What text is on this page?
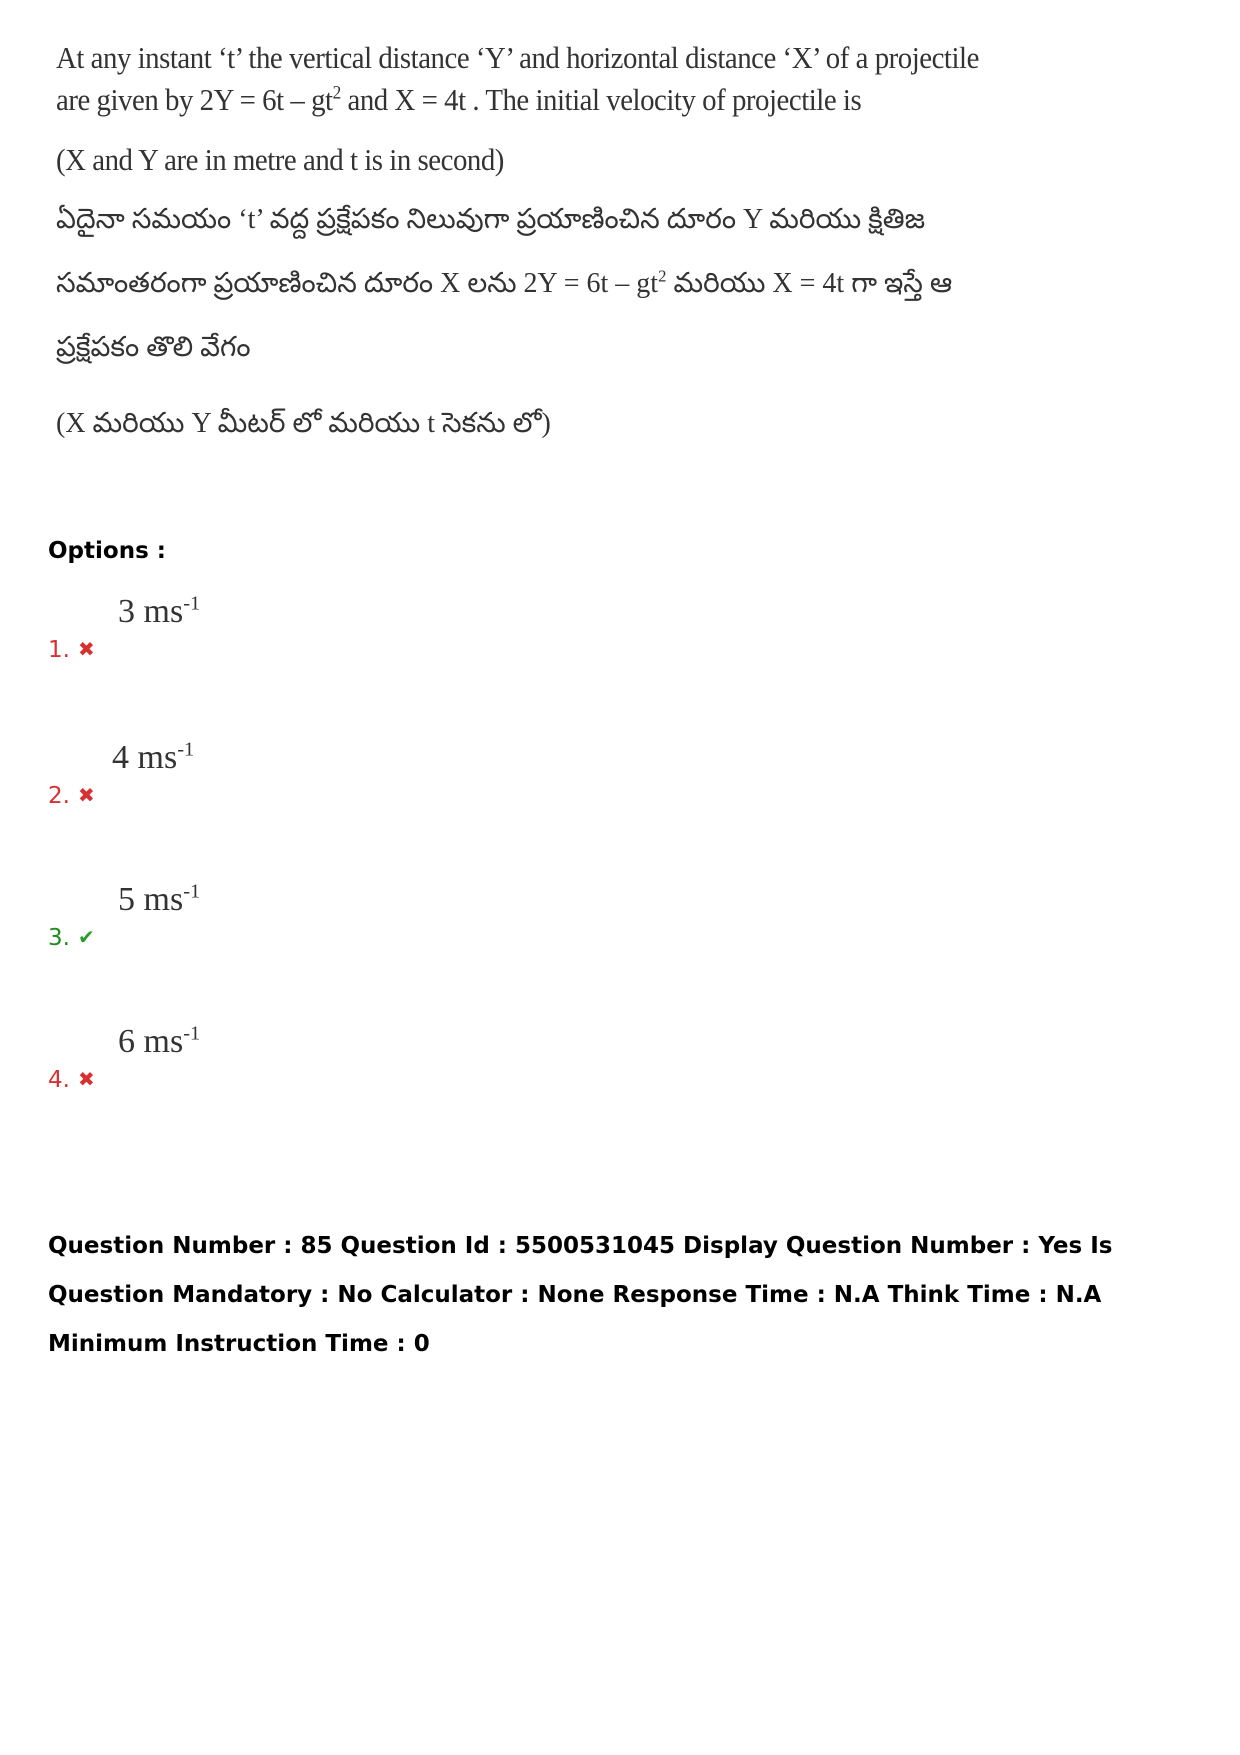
At any instant ‘t’ the vertical distance ‘Y’ and horizontal distance ‘X’ of a projectile
are given by $2Y = 6t - gt^2$ and X = 4t . The initial velocity of projectile is
(X and Y are in metre and t is in second)
ఏదైనా సమయం ‘t’ వద్ద ప్రక్షేపకం నిలువుగా ప్రయాణించిన దూరం Y మరియు క్షితిజ
సమాంతరంగా ప్రయాణించిన దూరం X లను $2Y = 6t - gt^2$ మరియు X = 4t గా ఇస్తే ఆ
ప్రక్షేపకం తొలి వేగం
(X మరియు Y మీటర్ లో మరియు t సెకను లో)
Options :
1. ✖
3 $ms^{-1}$
2. ✖
4 $ms^{-1}$
3. ✔
5 $ms^{-1}$
4. ✖
6 $ms^{-1}$
Question Number : 85 Question Id : 5500531045 Display Question Number : Yes Is Question Mandatory : No Calculator : None Response Time : N.A Think Time : N.A Minimum Instruction Time : 0
